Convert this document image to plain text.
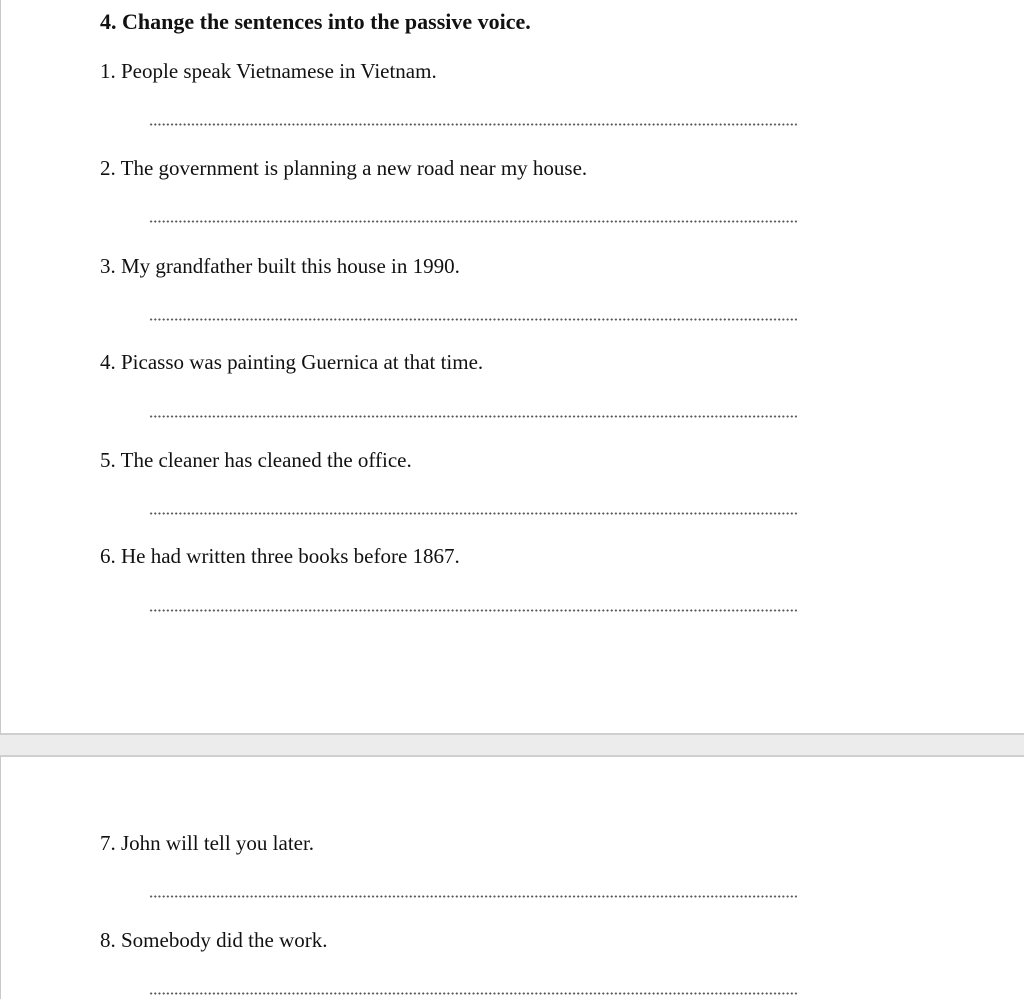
4. Change the sentences into the passive voice.

1. People speak Vietnamese in Vietnam.

2. The government is planning a new road near my house.

3. My grandfather built this house in 1990.

4. Picasso was painting Guernica at that time.

5. The cleaner has cleaned the office.

6. He had written three books before 1867.

7. John will tell you later.

8. Somebody did the work.
